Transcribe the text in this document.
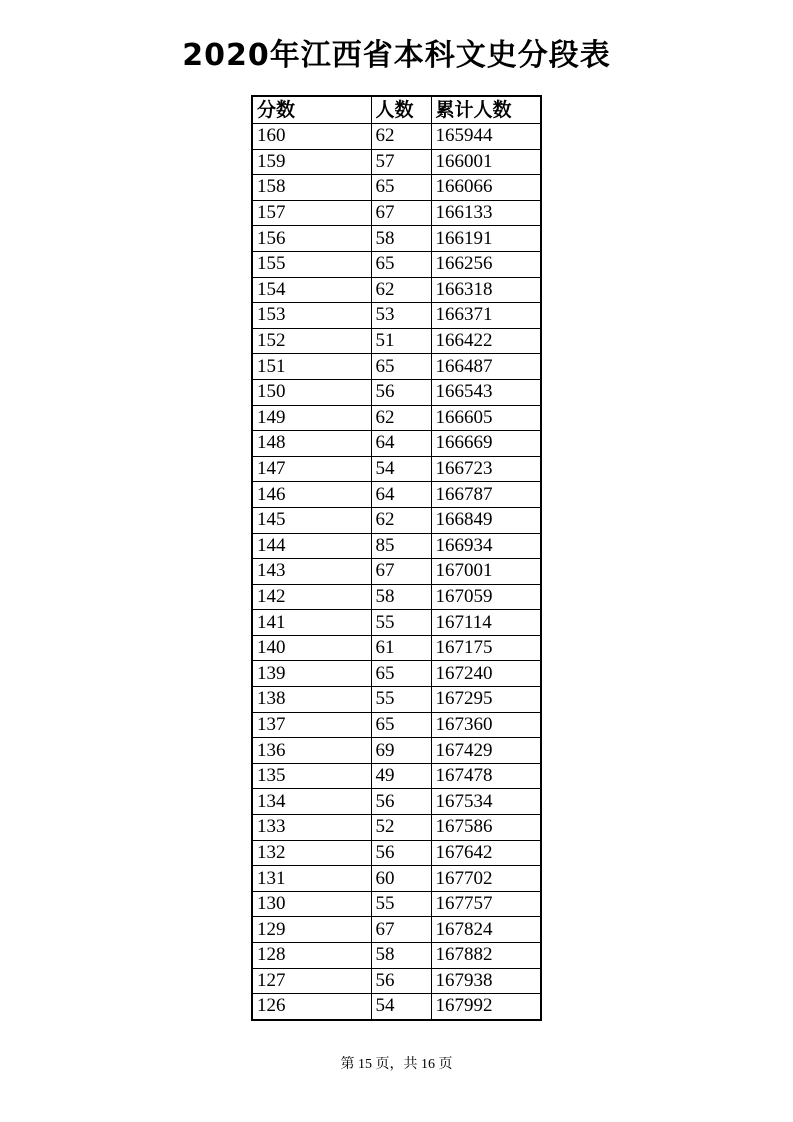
2020年江西省本科文史分段表
分数	人数	累计人数
160	62	165944
159	57	166001
158	65	166066
157	67	166133
156	58	166191
155	65	166256
154	62	166318
153	53	166371
152	51	166422
151	65	166487
150	56	166543
149	62	166605
148	64	166669
147	54	166723
146	64	166787
145	62	166849
144	85	166934
143	67	167001
142	58	167059
141	55	167114
140	61	167175
139	65	167240
138	55	167295
137	65	167360
136	69	167429
135	49	167478
134	56	167534
133	52	167586
132	56	167642
131	60	167702
130	55	167757
129	67	167824
128	58	167882
127	56	167938
126	54	167992
第 15 页，共 16 页
